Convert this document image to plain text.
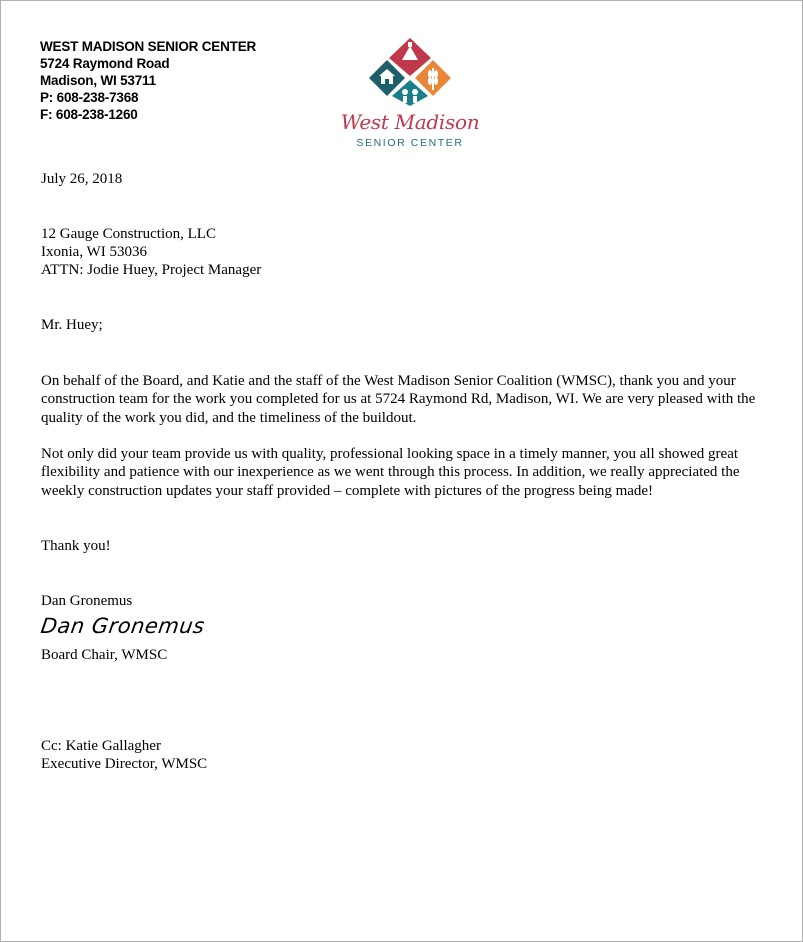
WEST MADISON SENIOR CENTER
5724 Raymond Road
Madison, WI 53711
P: 608-238-7368
F: 608-238-1260	West Madison
SENIOR CENTER
July 26, 2018
12 Gauge Construction, LLC
Ixonia, WI 53036
ATTN: Jodie Huey, Project Manager
Mr. Huey;
On behalf of the Board, and Katie and the staff of the West Madison Senior Coalition (WMSC), thank you and your construction team for the work you completed for us at 5724 Raymond Rd, Madison, WI. We are very pleased with the quality of the work you did, and the timeliness of the buildout.
Not only did your team provide us with quality, professional looking space in a timely manner, you all showed great flexibility and patience with our inexperience as we went through this process. In addition, we really appreciated the weekly construction updates your staff provided – complete with pictures of the progress being made!
Thank you!
Dan Gronemus
Dan Gronemus
Board Chair, WMSC
Cc: Katie Gallagher
Executive Director, WMSC
